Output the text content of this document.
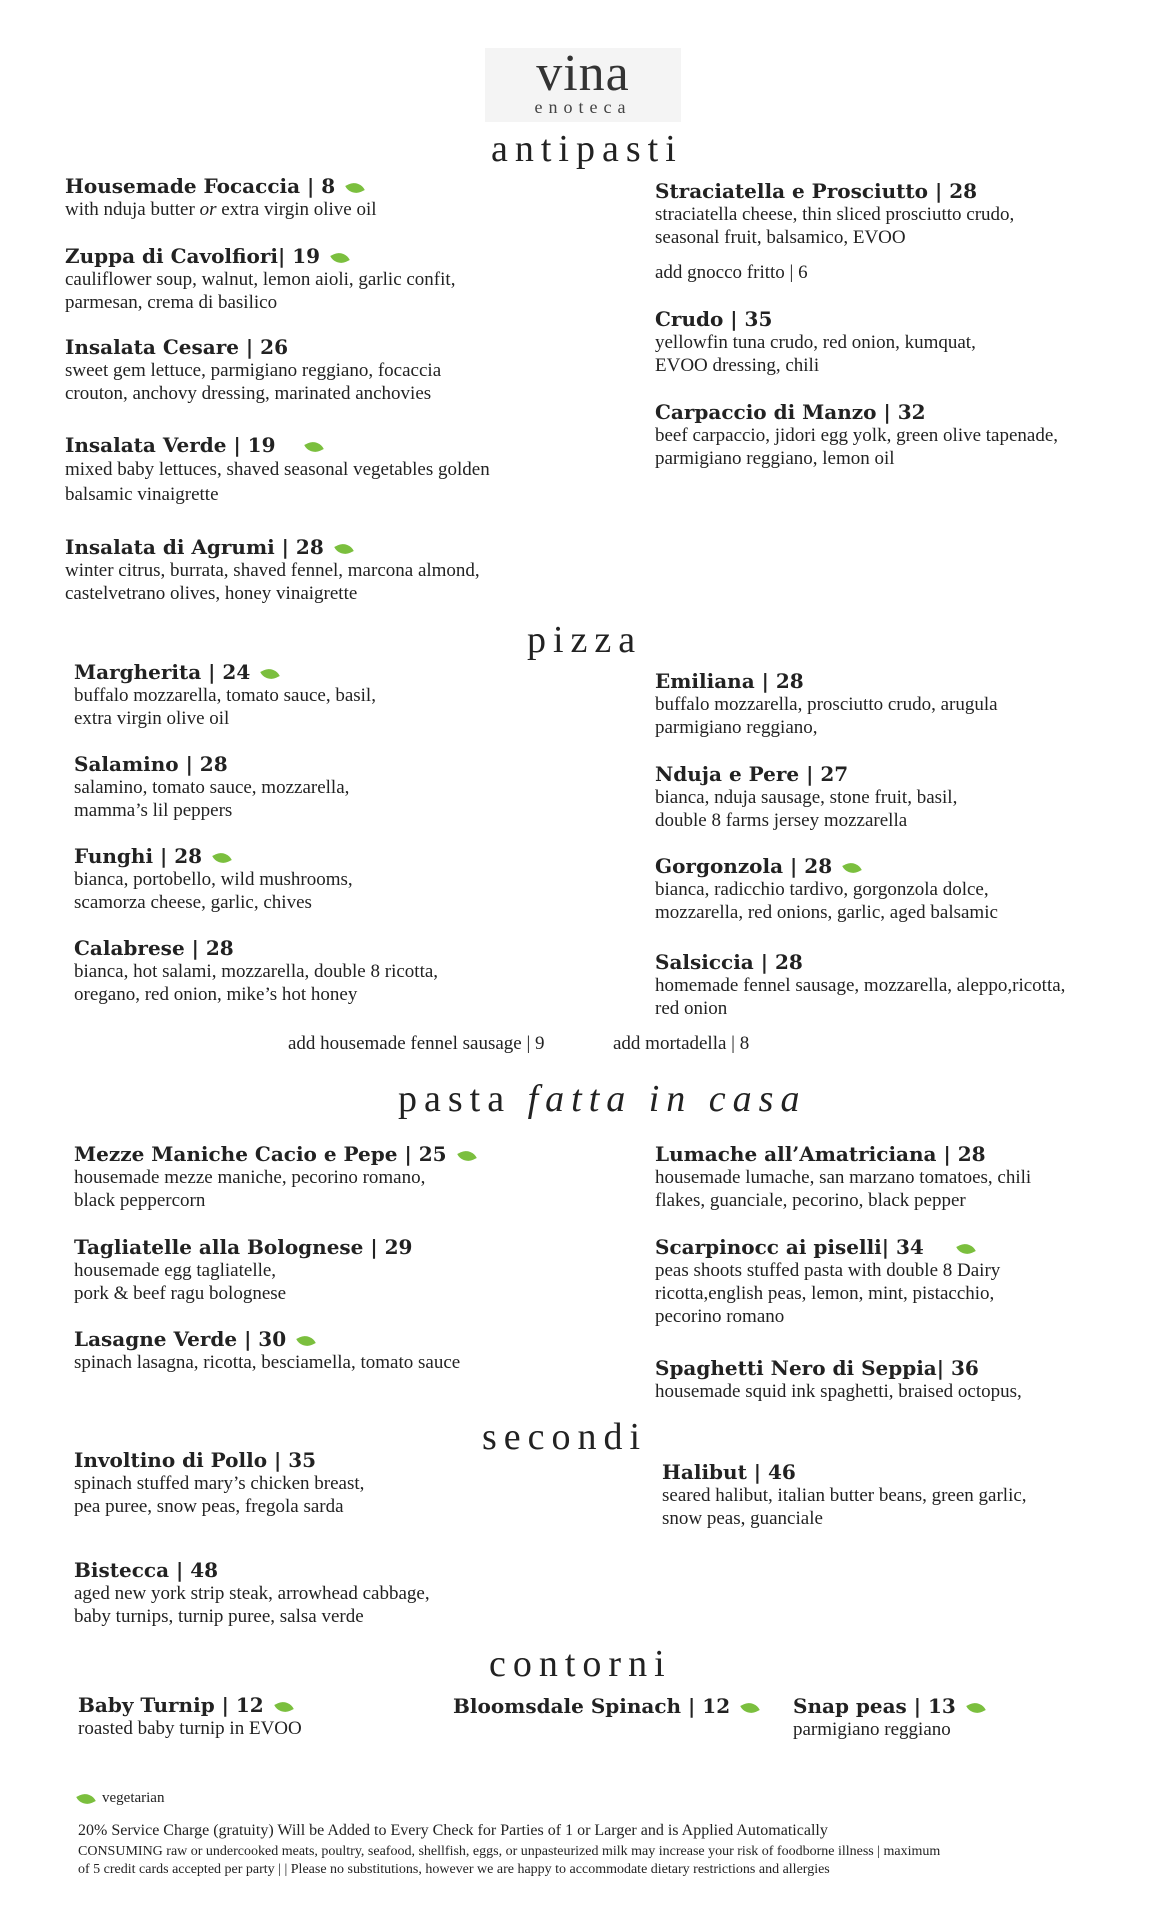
vina
enoteca
antipasti
Housemade Focaccia | 8
with nduja butter or extra virgin olive oil
Zuppa di Cavolfiori| 19
cauliflower soup, walnut, lemon aioli, garlic confit,
parmesan, crema di basilico
Insalata Cesare | 26
sweet gem lettuce, parmigiano reggiano, focaccia
crouton, anchovy dressing, marinated anchovies
Insalata Verde | 19
mixed baby lettuces, shaved seasonal vegetables golden
balsamic vinaigrette
Insalata di Agrumi | 28
winter citrus, burrata, shaved fennel, marcona almond,
castelvetrano olives, honey vinaigrette
Straciatella e Prosciutto | 28
straciatella cheese, thin sliced prosciutto crudo,
seasonal fruit, balsamico, EVOO
add gnocco fritto | 6
Crudo | 35
yellowfin tuna crudo, red onion, kumquat,
EVOO dressing, chili
Carpaccio di Manzo | 32
beef carpaccio, jidori egg yolk, green olive tapenade,
parmigiano reggiano, lemon oil
pizza
Margherita | 24
buffalo mozzarella, tomato sauce, basil,
extra virgin olive oil
Salamino | 28
salamino, tomato sauce, mozzarella,
mamma’s lil peppers
Funghi | 28
bianca, portobello, wild mushrooms,
scamorza cheese, garlic, chives
Calabrese | 28
bianca, hot salami, mozzarella, double 8 ricotta,
oregano, red onion, mike’s hot honey
Emiliana | 28
buffalo mozzarella, prosciutto crudo, arugula
parmigiano reggiano,
Nduja e Pere | 27
bianca, nduja sausage, stone fruit, basil,
double 8 farms jersey mozzarella
Gorgonzola | 28
bianca, radicchio tardivo, gorgonzola dolce,
mozzarella, red onions, garlic, aged balsamic
Salsiccia | 28
homemade fennel sausage, mozzarella, aleppo,ricotta,
red onion
add housemade fennel sausage | 9	add mortadella | 8
pasta fatta in casa
Mezze Maniche Cacio e Pepe | 25
housemade mezze maniche, pecorino romano,
black peppercorn
Tagliatelle alla Bolognese | 29
housemade egg tagliatelle,
pork & beef ragu bolognese
Lasagne Verde | 30
spinach lasagna, ricotta, besciamella, tomato sauce
Lumache all’Amatriciana | 28
housemade lumache, san marzano tomatoes, chili
flakes, guanciale, pecorino, black pepper
Scarpinocc ai piselli| 34
peas shoots stuffed pasta with double 8 Dairy
ricotta,english peas, lemon, mint, pistacchio,
pecorino romano
Spaghetti Nero di Seppia| 36
housemade squid ink spaghetti, braised octopus,
secondi
Involtino di Pollo | 35
spinach stuffed mary’s chicken breast,
pea puree, snow peas, fregola sarda
Halibut | 46
seared halibut, italian butter beans, green garlic,
snow peas, guanciale
Bistecca | 48
aged new york strip steak, arrowhead cabbage,
baby turnips, turnip puree, salsa verde
contorni
Baby Turnip | 12
roasted baby turnip in EVOO
Bloomsdale Spinach | 12	Snap peas | 13
parmigiano reggiano
vegetarian
20% Service Charge (gratuity) Will be Added to Every Check for Parties of 1 or Larger and is Applied Automatically
CONSUMING raw or undercooked meats, poultry, seafood, shellfish, eggs, or unpasteurized milk may increase your risk of foodborne illness | maximum
of 5 credit cards accepted per party | | Please no substitutions, however we are happy to accommodate dietary restrictions and allergies
